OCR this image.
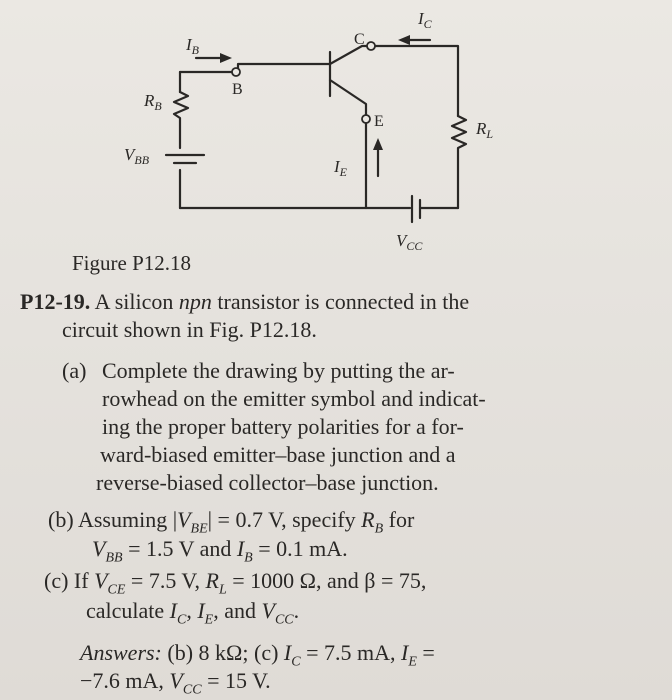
$I_B$
$I_C$
B
C
E
$R_B$
$R_L$
$V_{BB}$	$I_E$
$V_{CC}$
Figure P12.18
P12-19. A silicon npn transistor is connected in the
circuit shown in Fig. P12.18.
(a) Complete the drawing by putting the ar-
rowhead on the emitter symbol and indicat-
ing the proper battery polarities for a for-
ward-biased emitter–base junction and a
reverse-biased collector–base junction.
(b) Assuming $|V_{BE}| = 0.7$ V, specify $R_B$ for
$V_{BB} = 1.5$ V and $I_B = 0.1$ mA.
(c) If $V_{CE} = 7.5$ V, $R_L = 1000$ Ω, and β = 75,
calculate $I_C$, $I_E$, and $V_{CC}$.
Answers: (b) 8 kΩ; (c) $I_C = 7.5$ mA, $I_E$ =
−7.6 mA, $V_{CC} = 15$ V.
